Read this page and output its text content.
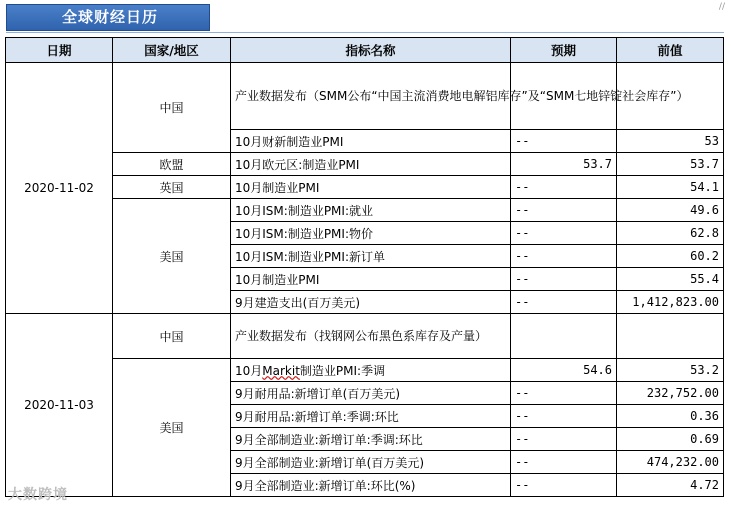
全球财经日历
//
日期	国家/地区	指标名称	预期	前值
2020-11-02	中国	产业数据发布（SMM公布“中国主流消费地电解铝库存”及“SMM七地锌锭社会库存”）		
		10月财新制造业PMI	--	53
	欧盟	10月欧元区:制造业PMI	53.7	53.7
	英国	10月制造业PMI	--	54.1
	美国	10月ISM:制造业PMI:就业	--	49.6
		10月ISM:制造业PMI:物价	--	62.8
		10月ISM:制造业PMI:新订单	--	60.2
		10月制造业PMI	--	55.4
		9月建造支出(百万美元)	--	1,412,823.00
2020-11-03	中国	产业数据发布（找钢网公布黑色系库存及产量）		
	美国	10月Markit制造业PMI:季调	54.6	53.2
		9月耐用品:新增订单(百万美元)	--	232,752.00
		9月耐用品:新增订单:季调:环比	--	0.36
		9月全部制造业:新增订单:季调:环比	--	0.69
		9月全部制造业:新增订单(百万美元)	--	474,232.00
		9月全部制造业:新增订单:环比(%)	--	4.72
大数跨境
